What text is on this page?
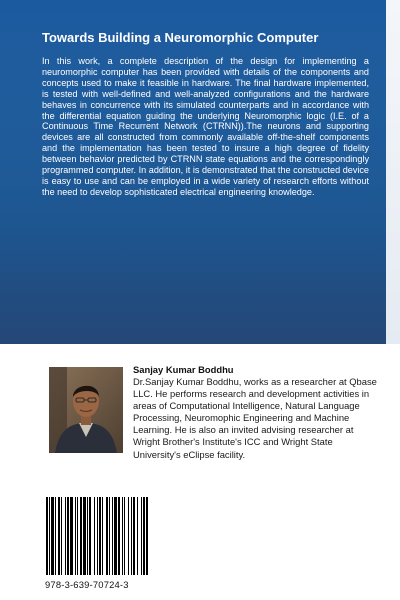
Towards Building a Neuromorphic Computer

In this work, a complete description of the design for implementing a neuromorphic computer has been provided with details of the components and concepts used to make it feasible in hardware. The final hardware implemented, is tested with well-defined and well-analyzed configurations and the hardware behaves in concurrence with its simulated counterparts and in accordance with the differential equation guiding the underlying Neuromorphic logic (I.E. of a Continuous Time Recurrent Network (CTRNN)).The neurons and supporting devices are all constructed from commonly available off-the-shelf components and the implementation has been tested to insure a high degree of fidelity between behavior predicted by CTRNN state equations and the correspondingly programmed computer. In addition, it is demonstrated that the constructed device is easy to use and can be employed in a wide variety of research efforts without the need to develop sophisticated electrical engineering knowledge.

Sanjay Kumar Boddhu

Dr.Sanjay Kumar Boddhu, works as a researcher at Qbase LLC. He performs research and development activities in areas of Computational Intelligence, Natural Language Processing, Neuromophic Engineering and Machine Learning. He is also an invited advising researcher at Wright Brother's Institute's ICC and Wright State University's eClipse facility.

978-3-639-70724-3
